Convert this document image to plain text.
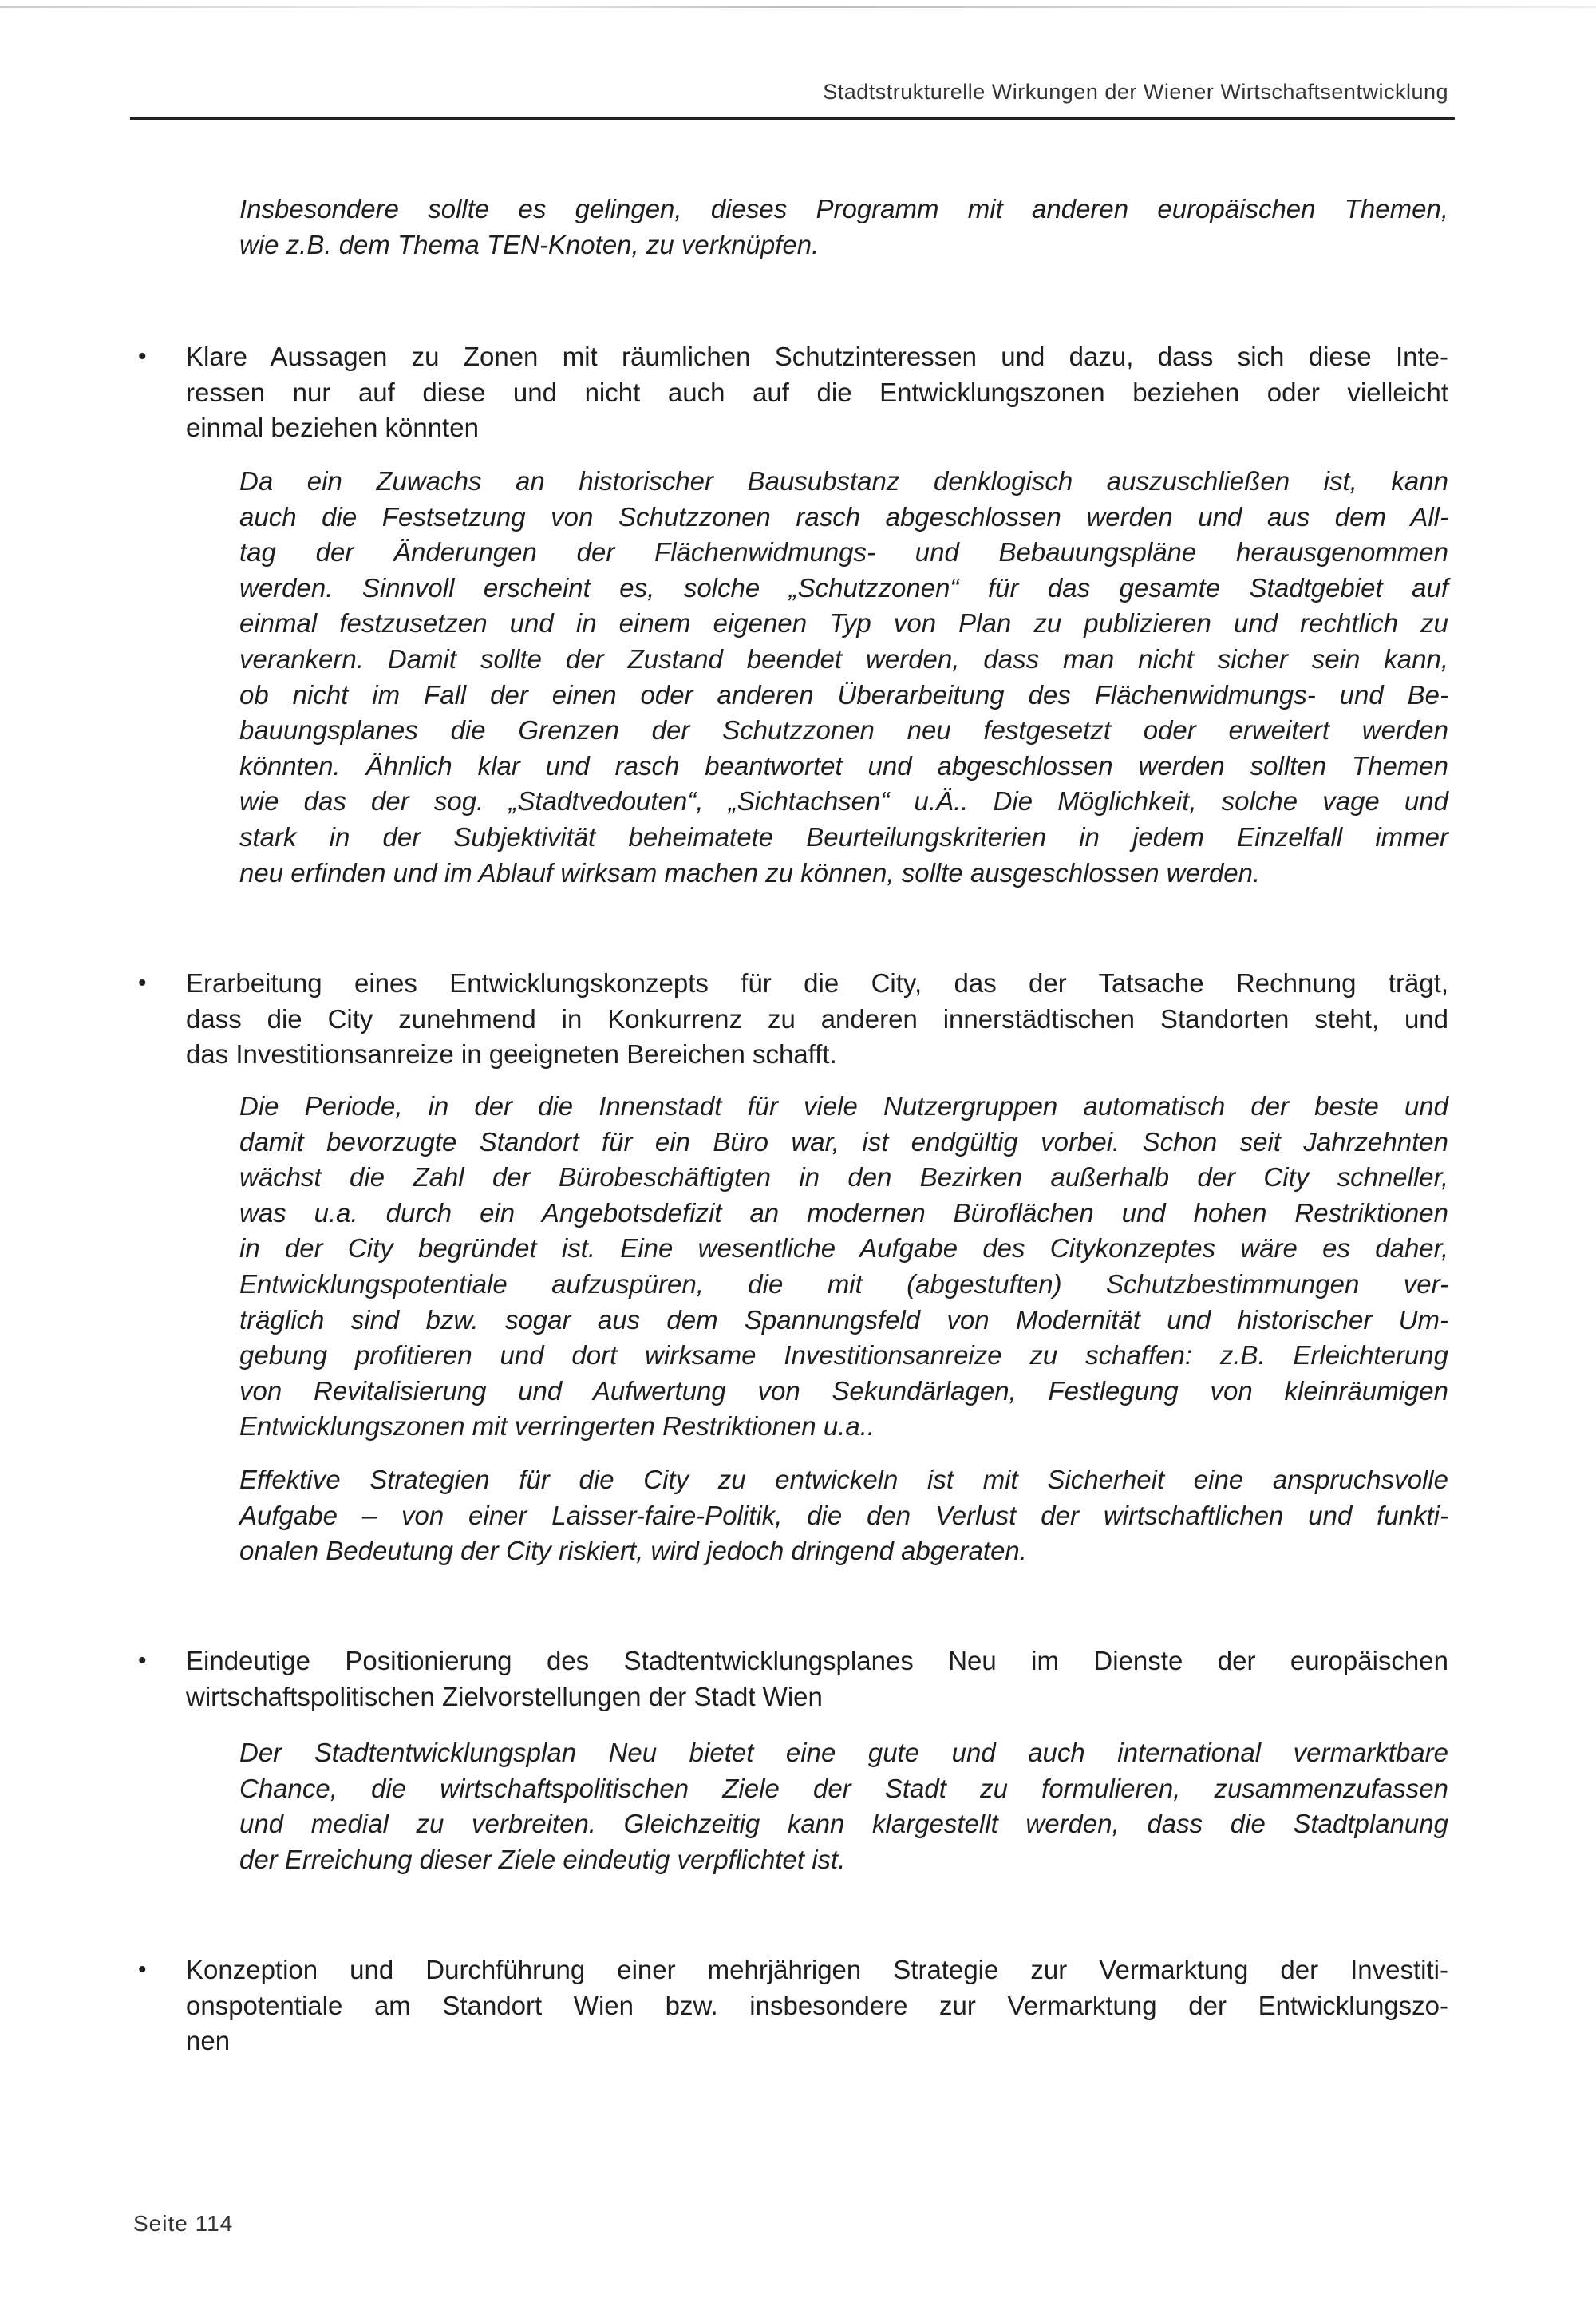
Stadtstrukturelle Wirkungen der Wiener Wirtschaftsentwicklung
Insbesondere sollte es gelingen, dieses Programm mit anderen europäischen Themen,
wie z.B. dem Thema TEN-Knoten, zu verknüpfen.
• Klare Aussagen zu Zonen mit räumlichen Schutzinteressen und dazu, dass sich diese Inte-
ressen nur auf diese und nicht auch auf die Entwicklungszonen beziehen oder vielleicht
einmal beziehen könnten
Da ein Zuwachs an historischer Bausubstanz denklogisch auszuschließen ist, kann
auch die Festsetzung von Schutzzonen rasch abgeschlossen werden und aus dem All-
tag der Änderungen der Flächenwidmungs- und Bebauungspläne herausgenommen
werden. Sinnvoll erscheint es, solche „Schutzzonen“ für das gesamte Stadtgebiet auf
einmal festzusetzen und in einem eigenen Typ von Plan zu publizieren und rechtlich zu
verankern. Damit sollte der Zustand beendet werden, dass man nicht sicher sein kann,
ob nicht im Fall der einen oder anderen Überarbeitung des Flächenwidmungs- und Be-
bauungsplanes die Grenzen der Schutzzonen neu festgesetzt oder erweitert werden
könnten. Ähnlich klar und rasch beantwortet und abgeschlossen werden sollten Themen
wie das der sog. „Stadtvedouten“, „Sichtachsen“ u.Ä.. Die Möglichkeit, solche vage und
stark in der Subjektivität beheimatete Beurteilungskriterien in jedem Einzelfall immer
neu erfinden und im Ablauf wirksam machen zu können, sollte ausgeschlossen werden.
• Erarbeitung eines Entwicklungskonzepts für die City, das der Tatsache Rechnung trägt,
dass die City zunehmend in Konkurrenz zu anderen innerstädtischen Standorten steht, und
das Investitionsanreize in geeigneten Bereichen schafft.
Die Periode, in der die Innenstadt für viele Nutzergruppen automatisch der beste und
damit bevorzugte Standort für ein Büro war, ist endgültig vorbei. Schon seit Jahrzehnten
wächst die Zahl der Bürobeschäftigten in den Bezirken außerhalb der City schneller,
was u.a. durch ein Angebotsdefizit an modernen Büroflächen und hohen Restriktionen
in der City begründet ist. Eine wesentliche Aufgabe des Citykonzeptes wäre es daher,
Entwicklungspotentiale aufzuspüren, die mit (abgestuften) Schutzbestimmungen ver-
träglich sind bzw. sogar aus dem Spannungsfeld von Modernität und historischer Um-
gebung profitieren und dort wirksame Investitionsanreize zu schaffen: z.B. Erleichterung
von Revitalisierung und Aufwertung von Sekundärlagen, Festlegung von kleinräumigen
Entwicklungszonen mit verringerten Restriktionen u.a..
Effektive Strategien für die City zu entwickeln ist mit Sicherheit eine anspruchsvolle
Aufgabe – von einer Laisser-faire-Politik, die den Verlust der wirtschaftlichen und funkti-
onalen Bedeutung der City riskiert, wird jedoch dringend abgeraten.
• Eindeutige Positionierung des Stadtentwicklungsplanes Neu im Dienste der europäischen
wirtschaftspolitischen Zielvorstellungen der Stadt Wien
Der Stadtentwicklungsplan Neu bietet eine gute und auch international vermarktbare
Chance, die wirtschaftspolitischen Ziele der Stadt zu formulieren, zusammenzufassen
und medial zu verbreiten. Gleichzeitig kann klargestellt werden, dass die Stadtplanung
der Erreichung dieser Ziele eindeutig verpflichtet ist.
• Konzeption und Durchführung einer mehrjährigen Strategie zur Vermarktung der Investiti-
onspotentiale am Standort Wien bzw. insbesondere zur Vermarktung der Entwicklungszo-
nen
Seite 114
